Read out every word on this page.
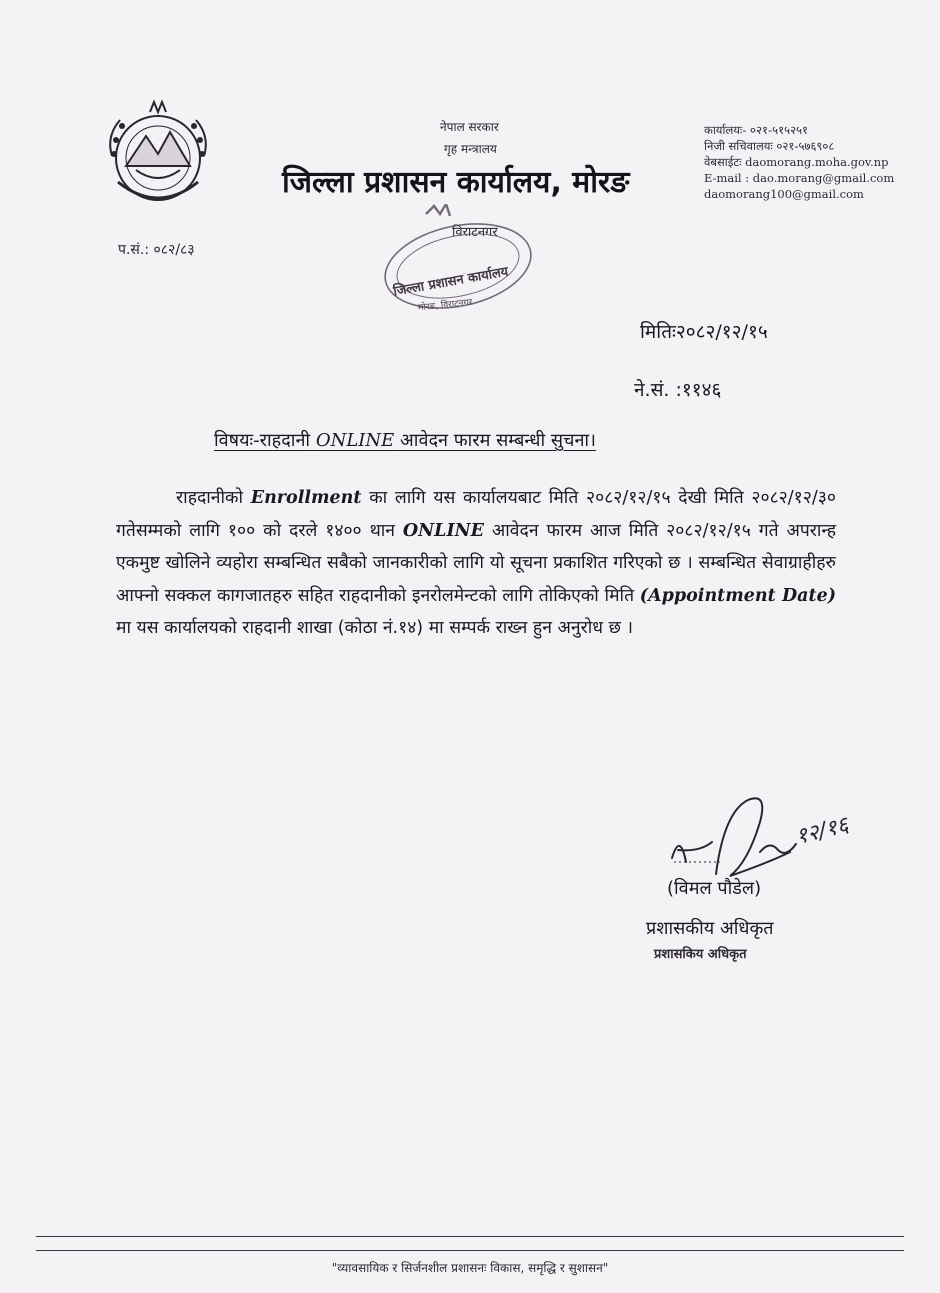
नेपाल सरकार
गृह मन्त्रालय
जिल्ला प्रशासन कार्यालय, मोरङ
कार्यालयः- ०२१-५१५२५१
निजी सचिवालयः ०२१-५७६९०८
वेबसाईटः daomorang.moha.gov.np
E-mail : dao.morang@gmail.com
daomorang100@gmail.com
विराटनगर
जिल्ला प्रशासन कार्यालय
मोरङ, विराटनगर
प.सं.: ०८२/८३
मितिः२०८२/१२/१५
ने.सं. :११४६
विषयः-राहदानी ONLINE आवेदन फारम सम्बन्धी सुचना।

राहदानीको Enrollment का लागि यस कार्यालयबाट मिति २०८२/१२/१५ देखी मिति २०८२/१२/३० गतेसम्मको लागि १०० को दरले १४०० थान ONLINE आवेदन फारम आज मिति २०८२/१२/१५ गते अपरान्ह एकमुष्ट खोलिने व्यहोरा सम्बन्धित सबैको जानकारीको लागि यो सूचना प्रकाशित गरिएको छ । सम्बन्धित सेवाग्राहीहरु आफ्नो सक्कल कागजातहरु सहित राहदानीको इनरोलमेन्टको लागि तोकिएको मिति (Appointment Date) मा यस कार्यालयको राहदानी शाखा (कोठा नं.१४) मा सम्पर्क राख्न हुन अनुरोध छ ।

१२/१६
(विमल पौडेल)
प्रशासकीय अधिकृत
प्रशासकिय अधिकृत
"व्यावसायिक र सिर्जनशील प्रशासनः विकास, समृद्धि र सुशासन"
